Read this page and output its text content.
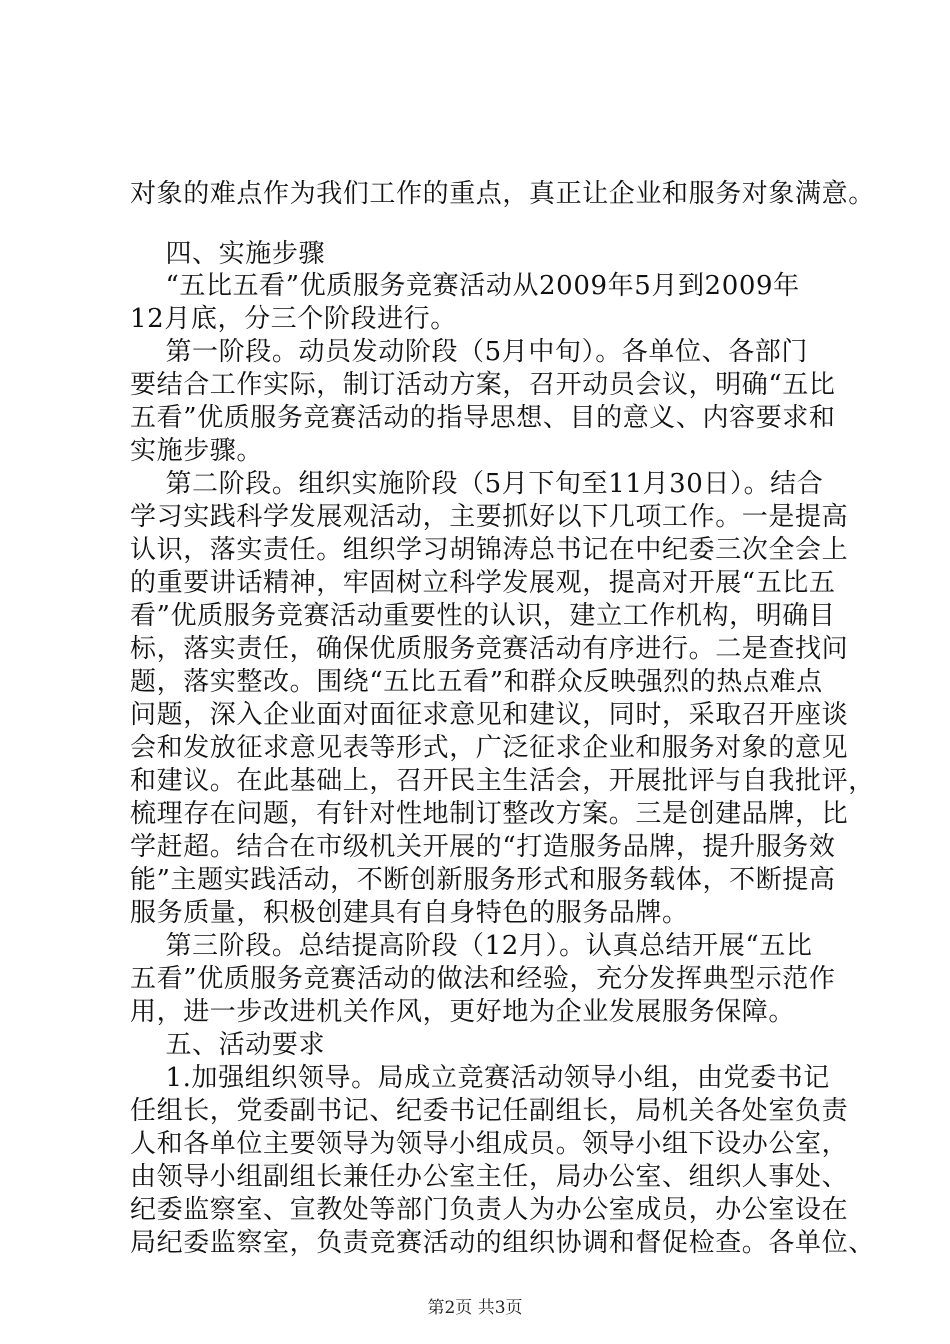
对象的难点作为我们工作的重点，真正让企业和服务对象满意。
四、实施步骤
“五比五看”优质服务竞赛活动从2009年5月到2009年
12月底，分三个阶段进行。
第一阶段。动员发动阶段（5月中旬）。各单位、各部门
要结合工作实际，制订活动方案，召开动员会议，明确“五比
五看”优质服务竞赛活动的指导思想、目的意义、内容要求和
实施步骤。
第二阶段。组织实施阶段（5月下旬至11月30日）。结合
学习实践科学发展观活动，主要抓好以下几项工作。一是提高
认识，落实责任。组织学习胡锦涛总书记在中纪委三次全会上
的重要讲话精神，牢固树立科学发展观，提高对开展“五比五
看”优质服务竞赛活动重要性的认识，建立工作机构，明确目
标，落实责任，确保优质服务竞赛活动有序进行。二是查找问
题，落实整改。围绕“五比五看”和群众反映强烈的热点难点
问题，深入企业面对面征求意见和建议，同时，采取召开座谈
会和发放征求意见表等形式，广泛征求企业和服务对象的意见
和建议。在此基础上，召开民主生活会，开展批评与自我批评，
梳理存在问题，有针对性地制订整改方案。三是创建品牌，比
学赶超。结合在市级机关开展的“打造服务品牌，提升服务效
能”主题实践活动，不断创新服务形式和服务载体，不断提高
服务质量，积极创建具有自身特色的服务品牌。
第三阶段。总结提高阶段（12月）。认真总结开展“五比
五看”优质服务竞赛活动的做法和经验，充分发挥典型示范作
用，进一步改进机关作风，更好地为企业发展服务保障。
五、活动要求
1.加强组织领导。局成立竞赛活动领导小组，由党委书记
任组长，党委副书记、纪委书记任副组长，局机关各处室负责
人和各单位主要领导为领导小组成员。领导小组下设办公室，
由领导小组副组长兼任办公室主任，局办公室、组织人事处、
纪委监察室、宣教处等部门负责人为办公室成员，办公室设在
局纪委监察室，负责竞赛活动的组织协调和督促检查。各单位、
第2页 共3页
